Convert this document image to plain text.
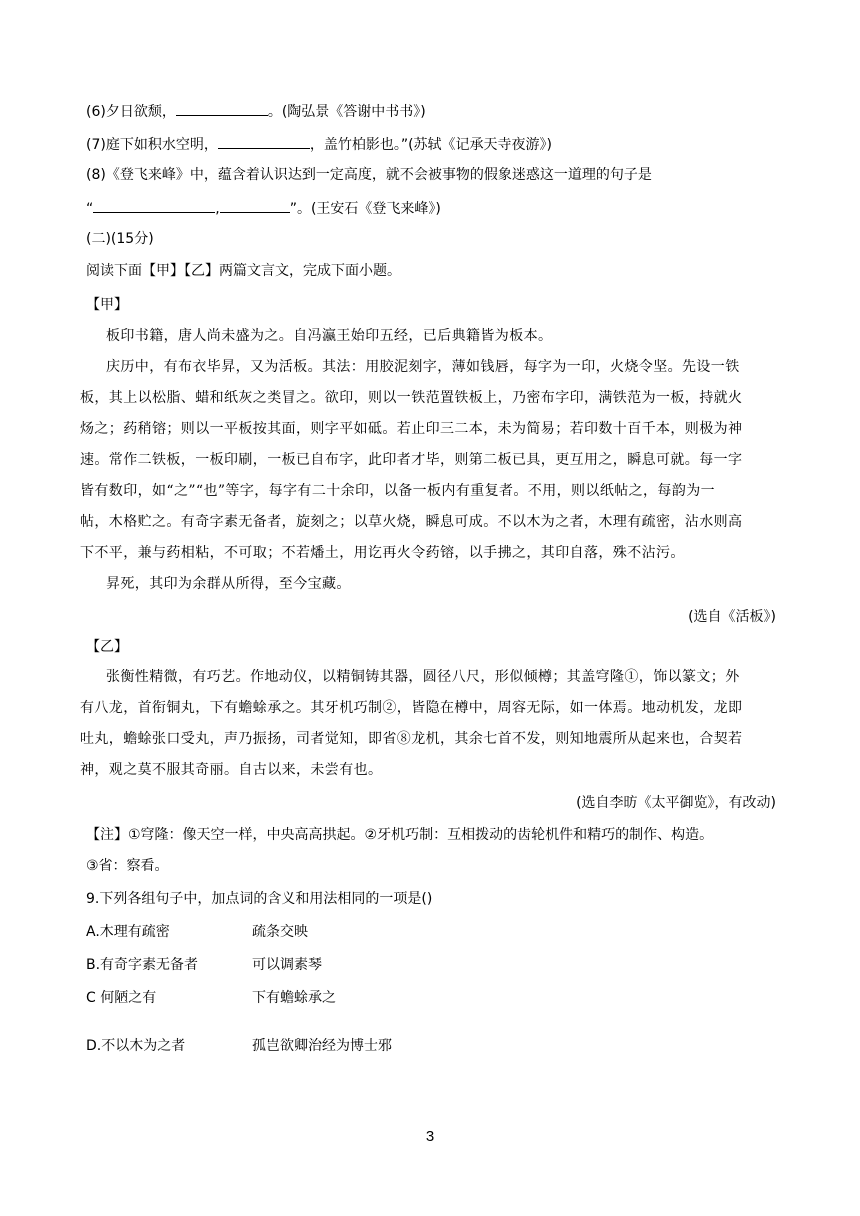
(6)夕日欲颓，	。(陶弘景《答谢中书书》)
(7)庭下如积水空明，	，盖竹柏影也。”(苏轼《记承天寺夜游》)
(8)《登飞来峰》中，蕴含着认识达到一定高度，就不会被事物的假象迷惑这一道理的句子是
“	,	”。(王安石《登飞来峰》)
(二)(15分)
阅读下面【甲】【乙】两篇文言文，完成下面小题。
【甲】
板印书籍，唐人尚未盛为之。自冯瀛王始印五经，已后典籍皆为板本。
庆历中，有布衣毕昇，又为活板。其法：用胶泥刻字，薄如钱唇，每字为一印，火烧令坚。先设一铁
板，其上以松脂、蜡和纸灰之类冒之。欲印，则以一铁范置铁板上，乃密布字印，满铁范为一板，持就火
炀之；药稍镕；则以一平板按其面，则字平如砥。若止印三二本，未为简易；若印数十百千本，则极为神
速。常作二铁板，一板印刷，一板已自布字，此印者才毕，则第二板已具，更互用之，瞬息可就。每一字
皆有数印，如“之”“也”等字，每字有二十余印，以备一板内有重复者。不用，则以纸帖之，每韵为一
帖，木格贮之。有奇字素无备者，旋刻之；以草火烧，瞬息可成。不以木为之者，木理有疏密，沾水则高
下不平，兼与药相粘，不可取；不若燔土，用讫再火令药镕，以手拂之，其印自落，殊不沾污。
昇死，其印为余群从所得，至今宝藏。
(选自《活板》)
【乙】
张衡性精微，有巧艺。作地动仪，以精铜铸其器，圆径八尺，形似倾樽；其盖穹隆①，饰以篆文；外
有八龙，首衔铜丸，下有蟾蜍承之。其牙机巧制②，皆隐在樽中，周容无际，如一体焉。地动机发，龙即
吐丸，蟾蜍张口受丸，声乃振扬，司者觉知，即省⑧龙机，其余七首不发，则知地震所从起来也，合契若
神，观之莫不服其奇丽。自古以来，未尝有也。
(选自李昉《太平御览》，有改动)
【注】①穹隆：像天空一样，中央高高拱起。②牙机巧制：互相拨动的齿轮机件和精巧的制作、构造。
③省：察看。
9.下列各组句子中，加点词的含义和用法相同的一项是()
A.木理有疏密	疏条交映
B.有奇字素无备者	可以调素琴
C 何陋之有	下有蟾蜍承之
D.不以木为之者	孤岂欲卿治经为博士邪
3
